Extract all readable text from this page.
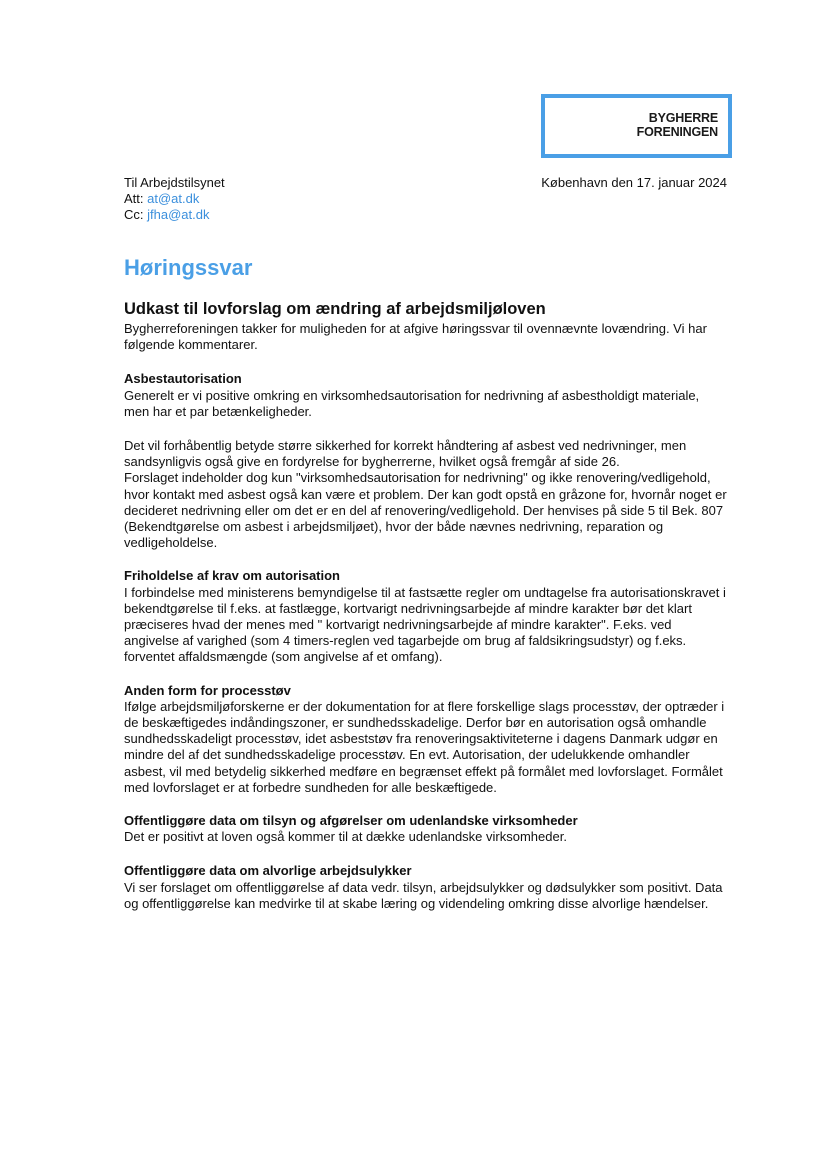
BYGHERRE
FORENINGEN
Til Arbejdstilsynet
Att: at@at.dk
Cc: jfha@at.dk
København den 17. januar 2024
Høringssvar
Udkast til lovforslag om ændring af arbejdsmiljøloven

Bygherreforeningen takker for muligheden for at afgive høringssvar til ovennævnte lovændring. Vi har følgende kommentarer.

Asbestautorisation

Generelt er vi positive omkring en virksomhedsautorisation for nedrivning af asbestholdigt materiale, men har et par betænkeligheder.

Det vil forhåbentlig betyde større sikkerhed for korrekt håndtering af asbest ved nedrivninger, men sandsynligvis også give en fordyrelse for bygherrerne, hvilket også fremgår af side 26.

Forslaget indeholder dog kun "virksomhedsautorisation for nedrivning" og ikke renovering/vedligehold, hvor kontakt med asbest også kan være et problem. Der kan godt opstå en gråzone for, hvornår noget er decideret nedrivning eller om det er en del af renovering/vedligehold. Der henvises på side 5 til Bek. 807 (Bekendtgørelse om asbest i arbejdsmiljøet), hvor der både nævnes nedrivning, reparation og vedligeholdelse.

Friholdelse af krav om autorisation

I forbindelse med ministerens bemyndigelse til at fastsætte regler om undtagelse fra autorisationskravet i bekendtgørelse til f.eks. at fastlægge, kortvarigt nedrivningsarbejde af mindre karakter bør det klart præciseres hvad der menes med " kortvarigt nedrivningsarbejde af mindre karakter". F.eks. ved angivelse af varighed (som 4 timers-reglen ved tagarbejde om brug af faldsikringsudstyr) og f.eks. forventet affaldsmængde (som angivelse af et omfang).

Anden form for processtøv

Ifølge arbejdsmiljøforskerne er der dokumentation for at flere forskellige slags processtøv, der optræder i de beskæftigedes indåndingszoner, er sundhedsskadelige. Derfor bør en autorisation også omhandle sundhedsskadeligt processtøv, idet asbeststøv fra renoveringsaktiviteterne i dagens Danmark udgør en mindre del af det sundhedsskadelige processtøv. En evt. Autorisation, der udelukkende omhandler asbest, vil med betydelig sikkerhed medføre en begrænset effekt på formålet med lovforslaget. Formålet med lovforslaget er at forbedre sundheden for alle beskæftigede.

Offentliggøre data om tilsyn og afgørelser om udenlandske virksomheder

Det er positivt at loven også kommer til at dække udenlandske virksomheder.

Offentliggøre data om alvorlige arbejdsulykker

Vi ser forslaget om offentliggørelse af data vedr. tilsyn, arbejdsulykker og dødsulykker som positivt. Data og offentliggørelse kan medvirke til at skabe læring og videndeling omkring disse alvorlige hændelser.
